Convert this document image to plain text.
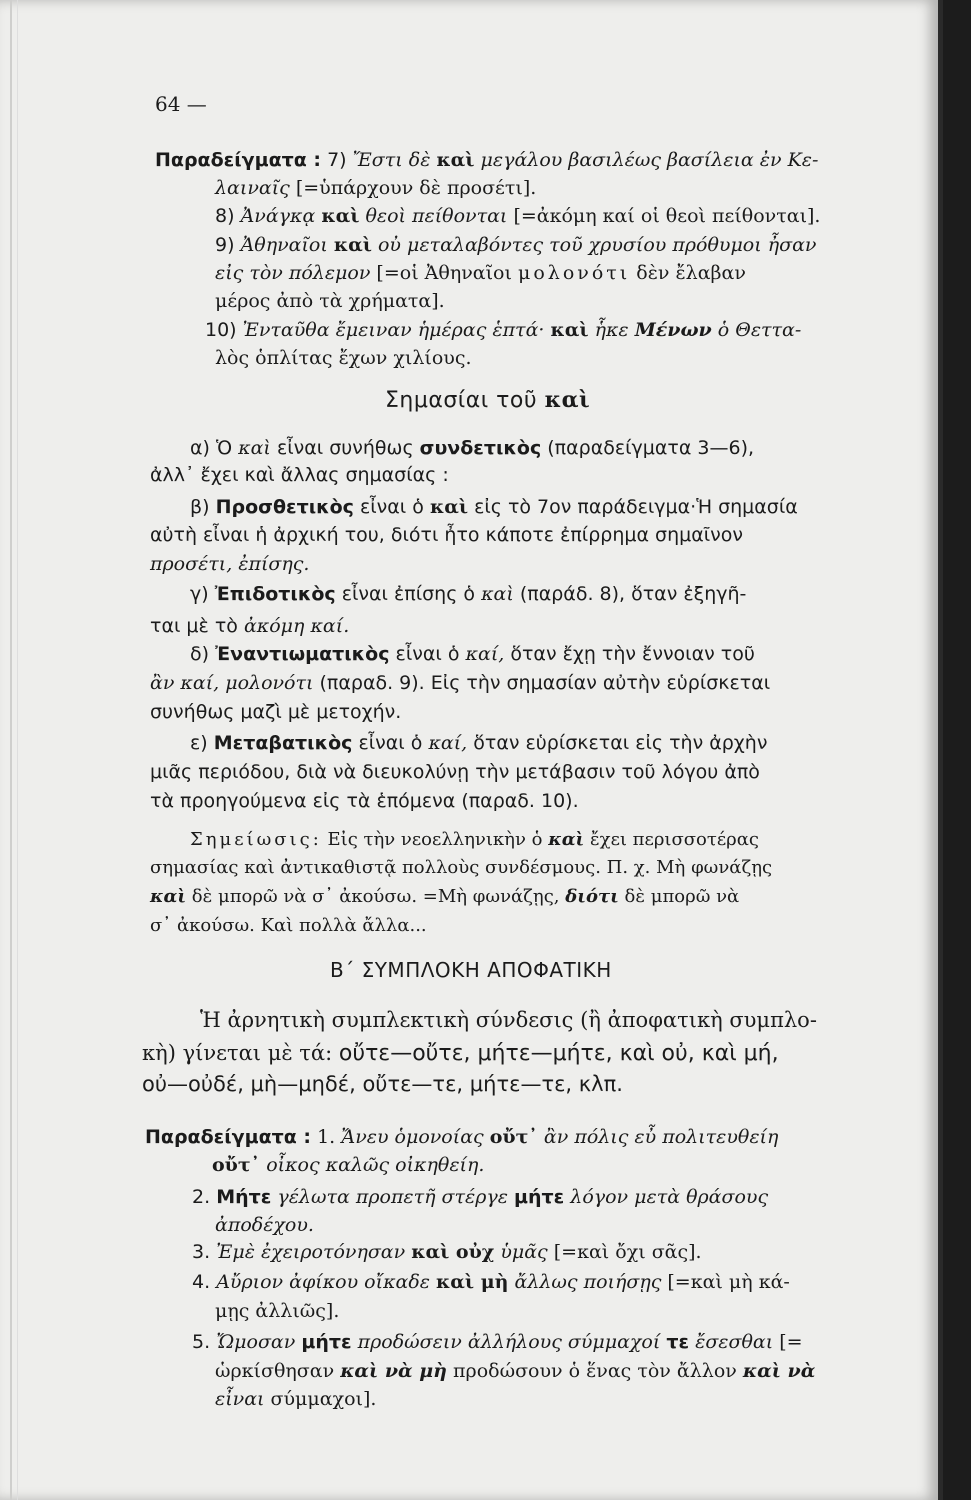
64 —
Παραδείγματα : 7) Ἔστι δὲ καὶ μεγάλου βασιλέως βασίλεια ἐν Κε-
λαιναῖς [=ὑπάρχουν δὲ προσέτι].
8) Ἀνάγκᾳ καὶ θεοὶ πείθονται [=ἀκόμη καί οἱ θεοὶ πείθονται].
9) Ἀθηναῖοι καὶ οὐ μεταλαβόντες τοῦ χρυσίου πρόθυμοι ἦσαν
εἰς τὸν πόλεμον [=οἱ Ἀθηναῖοι μολονότι δὲν ἔλαβαν
μέρος ἀπὸ τὰ χρήματα].
10) Ἐνταῦθα ἔμειναν ἡμέρας ἑπτά· καὶ ἧκε Μένων ὁ Θεττα-
λὸς ὁπλίτας ἔχων χιλίους.
Σημασίαι τοῦ καὶ
α) Ὁ καὶ εἶναι συνήθως συνδετικὸς (παραδείγματα 3—6),
ἀλλ᾽ ἔχει καὶ ἄλλας σημασίας :
β) Προσθετικὸς εἶναι ὁ καὶ εἰς τὸ 7ον παράδειγμα·Ἡ σημασία
αὐτὴ εἶναι ἡ ἀρχική του, διότι ἦτο κάποτε ἐπίρρημα σημαῖνον
προσέτι, ἐπίσης.
γ) Ἐπιδοτικὸς εἶναι ἐπίσης ὁ καὶ (παράδ. 8), ὅταν ἐξηγῆ-
ται μὲ τὸ ἀκόμη καί.
δ) Ἐναντιωματικὸς εἶναι ὁ καί, ὅταν ἔχῃ τὴν ἔννοιαν τοῦ
ἂν καί, μολονότι (παραδ. 9). Εἰς τὴν σημασίαν αὐτὴν εὑρίσκεται
συνήθως μαζὶ μὲ μετοχήν.
ε) Μεταβατικὸς εἶναι ὁ καί, ὅταν εὑρίσκεται εἰς τὴν ἀρχὴν
μιᾶς περιόδου, διὰ νὰ διευκολύνῃ τὴν μετάβασιν τοῦ λόγου ἀπὸ
τὰ προηγούμενα εἰς τὰ ἑπόμενα (παραδ. 10).
Σημείωσις: Εἰς τὴν νεοελληνικὴν ὁ καὶ ἔχει περισσοτέρας
σημασίας καὶ ἀντικαθιστᾷ πολλοὺς συνδέσμους. Π. χ. Μὴ φωνάζῃς
καὶ δὲ μπορῶ νὰ σ᾽ ἀκούσω. =Μὴ φωνάζῃς, διότι δὲ μπορῶ νὰ
σ᾽ ἀκούσω. Καὶ πολλὰ ἄλλα...
Β΄ ΣΥΜΠΛΟΚΗ ΑΠΟΦΑΤΙΚΗ
Ἡ ἀρνητικὴ συμπλεκτικὴ σύνδεσις (ἢ ἀποφατικὴ συμπλο-
κὴ) γίνεται μὲ τά: οὔτε—οὔτε, μήτε—μήτε, καὶ οὐ, καὶ μή,
οὐ—οὐδέ, μὴ—μηδέ, οὔτε—τε, μήτε—τε, κλπ.
Παραδείγματα : 1. Ἄνευ ὁμονοίας οὔτ᾽ ἂν πόλις εὖ πολιτευθείη
οὔτ᾽ οἶκος καλῶς οἰκηθείη.
2. Μήτε γέλωτα προπετῆ στέργε μήτε λόγον μετὰ θράσους
ἀποδέχου.
3. Ἐμὲ ἐχειροτόνησαν καὶ οὐχ ὑμᾶς [=καὶ ὄχι σᾶς].
4. Αὔριον ἀφίκου οἴκαδε καὶ μὴ ἄλλως ποιήσῃς [=καὶ μὴ κά-
μῃς ἀλλιῶς].
5. Ὤμοσαν μήτε προδώσειν ἀλλήλους σύμμαχοί τε ἔσεσθαι [=
ὡρκίσθησαν καὶ νὰ μὴ προδώσουν ὁ ἕνας τὸν ἄλλον καὶ νὰ
εἶναι σύμμαχοι].
